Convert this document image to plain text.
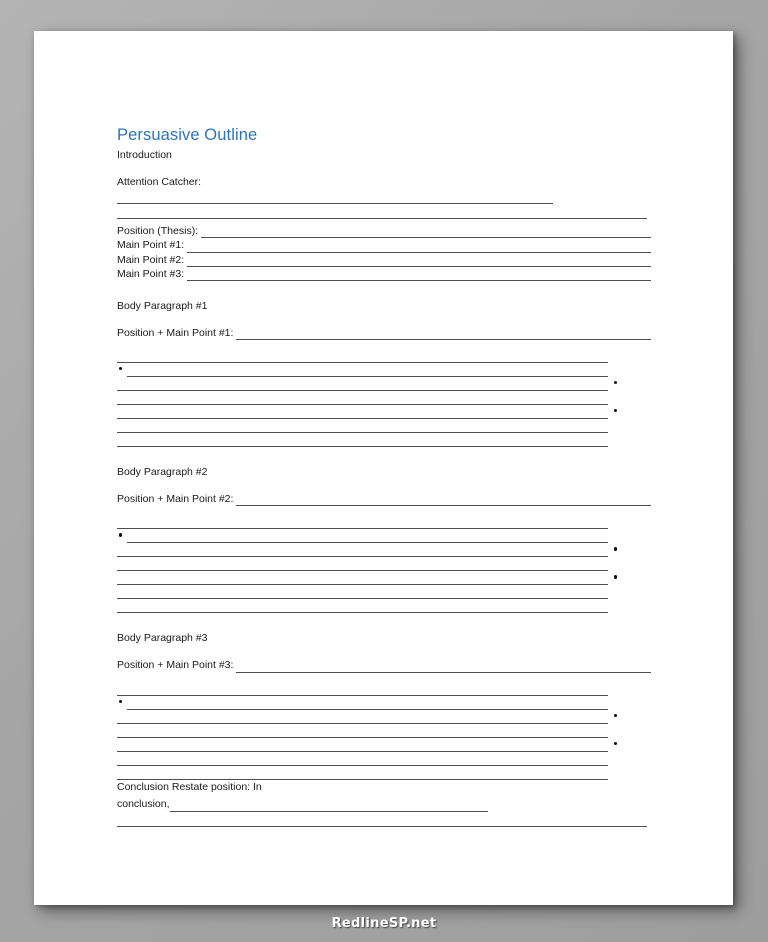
Persuasive Outline
Introduction
Attention Catcher:
Position (Thesis):
Main Point #1:
Main Point #2:
Main Point #3:
Body Paragraph #1
Position + Main Point #1:
Body Paragraph #2
Position + Main Point #2:
Body Paragraph #3
Position + Main Point #3:
Conclusion Restate position: In
conclusion,
RedlineSP.net
